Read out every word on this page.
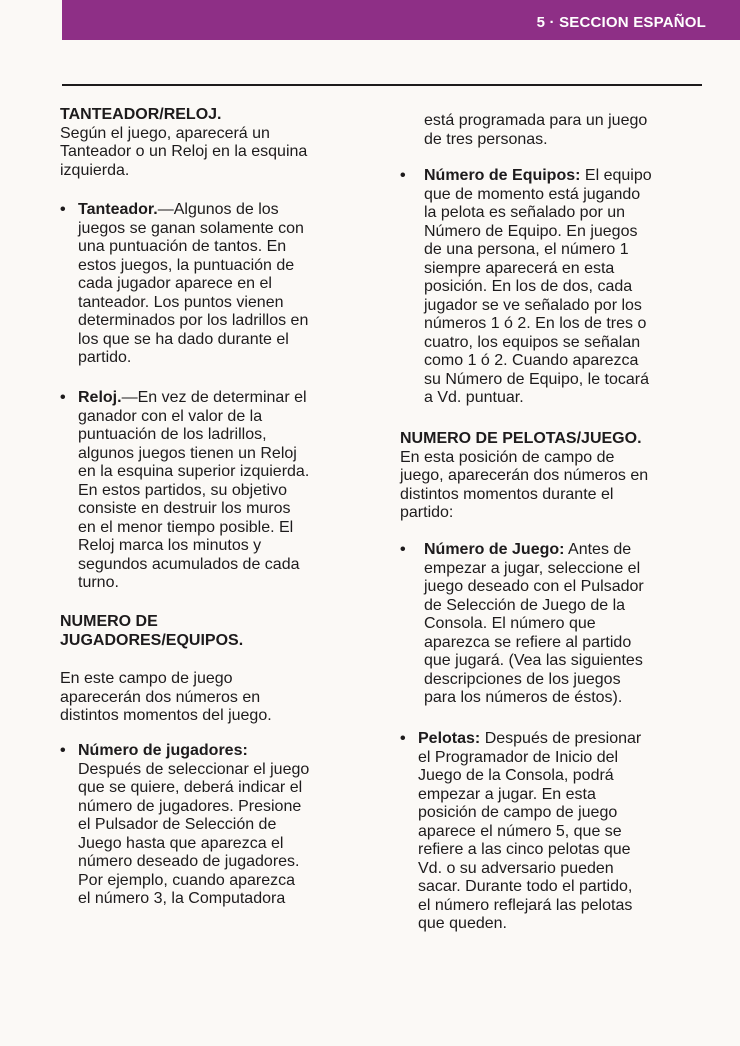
5 · SECCION ESPAÑOL

TANTEADOR/RELOJ.

Según el juego, aparecerá un
Tanteador o un Reloj en la esquina
izquierda.

• Tanteador.—Algunos de los
juegos se ganan solamente con
una puntuación de tantos. En
estos juegos, la puntuación de
cada jugador aparece en el
tanteador. Los puntos vienen
determinados por los ladrillos en
los que se ha dado durante el
partido.
• Reloj.—En vez de determinar el
ganador con el valor de la
puntuación de los ladrillos,
algunos juegos tienen un Reloj
en la esquina superior izquierda.
En estos partidos, su objetivo
consiste en destruir los muros
en el menor tiempo posible. El
Reloj marca los minutos y
segundos acumulados de cada
turno.

NUMERO DE
JUGADORES/EQUIPOS.

En este campo de juego
aparecerán dos números en
distintos momentos del juego.

• Número de jugadores:
Después de seleccionar el juego
que se quiere, deberá indicar el
número de jugadores. Presione
el Pulsador de Selección de
Juego hasta que aparezca el
número deseado de jugadores.
Por ejemplo, cuando aparezca
el número 3, la Computadora

está programada para un juego
de tres personas.

• Número de Equipos: El equipo
que de momento está jugando
la pelota es señalado por un
Número de Equipo. En juegos
de una persona, el número 1
siempre aparecerá en esta
posición. En los de dos, cada
jugador se ve señalado por los
números 1 ó 2. En los de tres o
cuatro, los equipos se señalan
como 1 ó 2. Cuando aparezca
su Número de Equipo, le tocará
a Vd. puntuar.

NUMERO DE PELOTAS/JUEGO.

En esta posición de campo de
juego, aparecerán dos números en
distintos momentos durante el
partido:

• Número de Juego: Antes de
empezar a jugar, seleccione el
juego deseado con el Pulsador
de Selección de Juego de la
Consola. El número que
aparezca se refiere al partido
que jugará. (Vea las siguientes
descripciones de los juegos
para los números de éstos).
• Pelotas: Después de presionar
el Programador de Inicio del
Juego de la Consola, podrá
empezar a jugar. En esta
posición de campo de juego
aparece el número 5, que se
refiere a las cinco pelotas que
Vd. o su adversario pueden
sacar. Durante todo el partido,
el número reflejará las pelotas
que queden.
